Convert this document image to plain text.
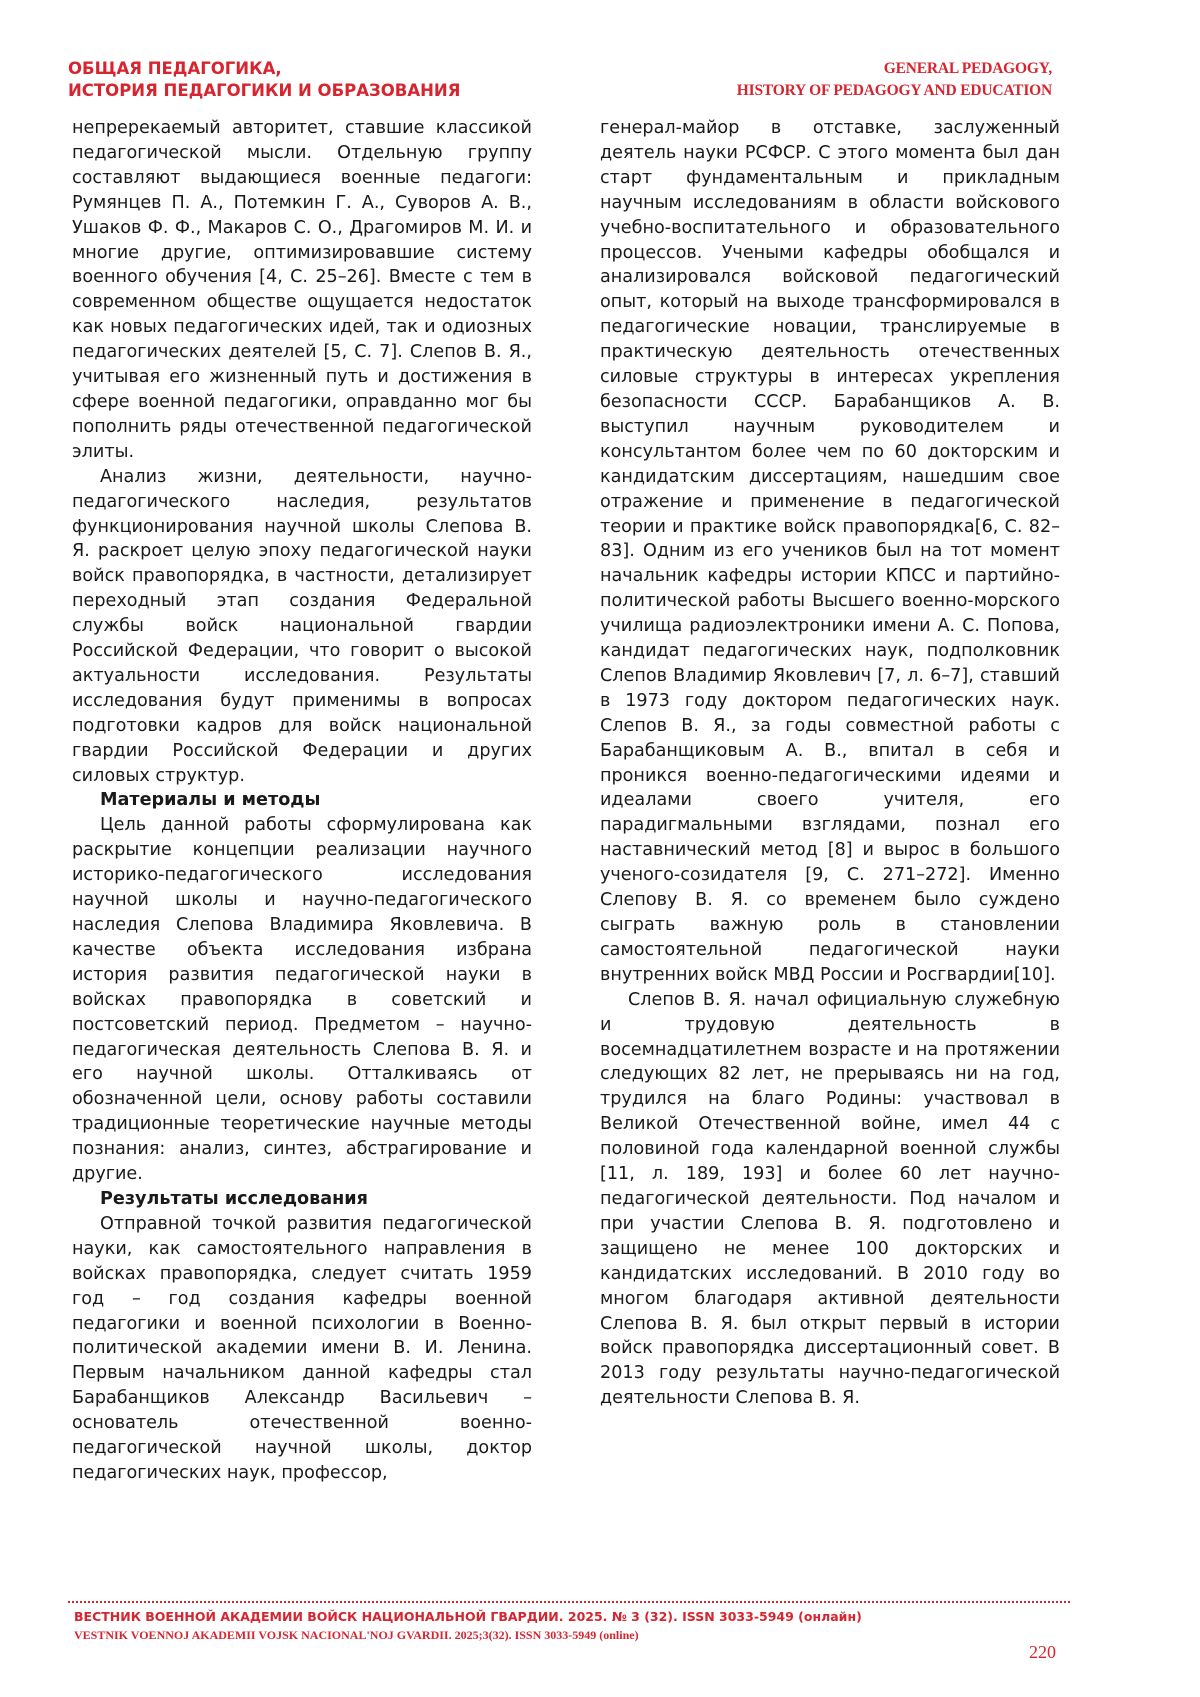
ОБЩАЯ ПЕДАГОГИКА,
ИСТОРИЯ ПЕДАГОГИКИ И ОБРАЗОВАНИЯ
GENERAL PEDAGOGY,
HISTORY OF PEDAGOGY AND EDUCATION

непререкаемый авторитет, ставшие классикой педагогической мысли. Отдельную группу составляют выдающиеся военные педагоги: Румянцев П. А., Потемкин Г. А., Суворов А. В., Ушаков Ф. Ф., Макаров С. О., Драгомиров М. И. и многие другие, оптимизировавшие систему военного обучения [4, С. 25–26]. Вместе с тем в современном обществе ощущается недостаток как новых педагогических идей, так и одиозных педагогических деятелей [5, С. 7]. Слепов В. Я., учитывая его жизненный путь и достижения в сфере военной педагогики, оправданно мог бы пополнить ряды отечественной педагогической элиты.

Анализ жизни, деятельности, научно-педагогического наследия, результатов функционирования научной школы Слепова В. Я. раскроет целую эпоху педагогической науки войск правопорядка, в частности, детализирует переходный этап создания Федеральной службы войск национальной гвардии Российской Федерации, что говорит о высокой актуальности исследования. Результаты исследования будут применимы в вопросах подготовки кадров для войск национальной гвардии Российской Федерации и других силовых структур.

Материалы и методы

Цель данной работы сформулирована как раскрытие концепции реализации научного историко-педагогического исследования научной школы и научно-педагогического наследия Слепова Владимира Яковлевича. В качестве объекта исследования избрана история развития педагогической науки в войсках правопорядка в советский и постсоветский период. Предметом – научно-педагогическая деятельность Слепова В. Я. и его научной школы. Отталкиваясь от обозначенной цели, основу работы составили традиционные теоретические научные методы познания: анализ, синтез, абстрагирование и другие.

Результаты исследования

Отправной точкой развития педагогической науки, как самостоятельного направления в войсках правопорядка, следует считать 1959 год – год создания кафедры военной педагогики и военной психологии в Военно-политической академии имени В. И. Ленина. Первым начальником данной кафедры стал Барабанщиков Александр Васильевич – основатель отечественной военно-педагогической научной школы, доктор педагогических наук, профессор,

генерал-майор в отставке, заслуженный деятель науки РСФСР. С этого момента был дан старт фундаментальным и прикладным научным исследованиям в области войскового учебно-воспитательного и образовательного процессов. Учеными кафедры обобщался и анализировался войсковой педагогический опыт, который на выходе трансформировался в педагогические новации, транслируемые в практическую деятельность отечественных силовые структуры в интересах укрепления безопасности СССР. Барабанщиков А. В. выступил научным руководителем и консультантом более чем по 60 докторским и кандидатским диссертациям, нашедшим свое отражение и применение в педагогической теории и практике войск правопорядка[6, С. 82–83]. Одним из его учеников был на тот момент начальник кафедры истории КПСС и партийно-политической работы Высшего военно-морского училища радиоэлектроники имени А. С. Попова, кандидат педагогических наук, подполковник Слепов Владимир Яковлевич [7, л. 6–7], ставший в 1973 году доктором педагогических наук. Слепов В. Я., за годы совместной работы с Барабанщиковым А. В., впитал в себя и проникся военно-педагогическими идеями и идеалами своего учителя, его парадигмальными взглядами, познал его наставнический метод [8] и вырос в большого ученого-созидателя [9, С. 271–272]. Именно Слепову В. Я. со временем было суждено сыграть важную роль в становлении самостоятельной педагогической науки внутренних войск МВД России и Росгвардии[10].

Слепов В. Я. начал официальную служебную и трудовую деятельность в восемнадцатилетнем возрасте и на протяжении следующих 82 лет, не прерываясь ни на год, трудился на благо Родины: участвовал в Великой Отечественной войне, имел 44 с половиной года календарной военной службы [11, л. 189, 193] и более 60 лет научно-педагогической деятельности. Под началом и при участии Слепова В. Я. подготовлено и защищено не менее 100 докторских и кандидатских исследований. В 2010 году во многом благодаря активной деятельности Слепова В. Я. был открыт первый в истории войск правопорядка диссертационный совет. В 2013 году результаты научно-педагогической деятельности Слепова В. Я.

ВЕСТНИК ВОЕННОЙ АКАДЕМИИ ВОЙСК НАЦИОНАЛЬНОЙ ГВАРДИИ. 2025. № 3 (32). ISSN 3033-5949 (онлайн)
VESTNIK VOENNOJ AKADEMII VOJSK NACIONAL'NOJ GVARDII. 2025;3(32). ISSN 3033-5949 (online)
220
